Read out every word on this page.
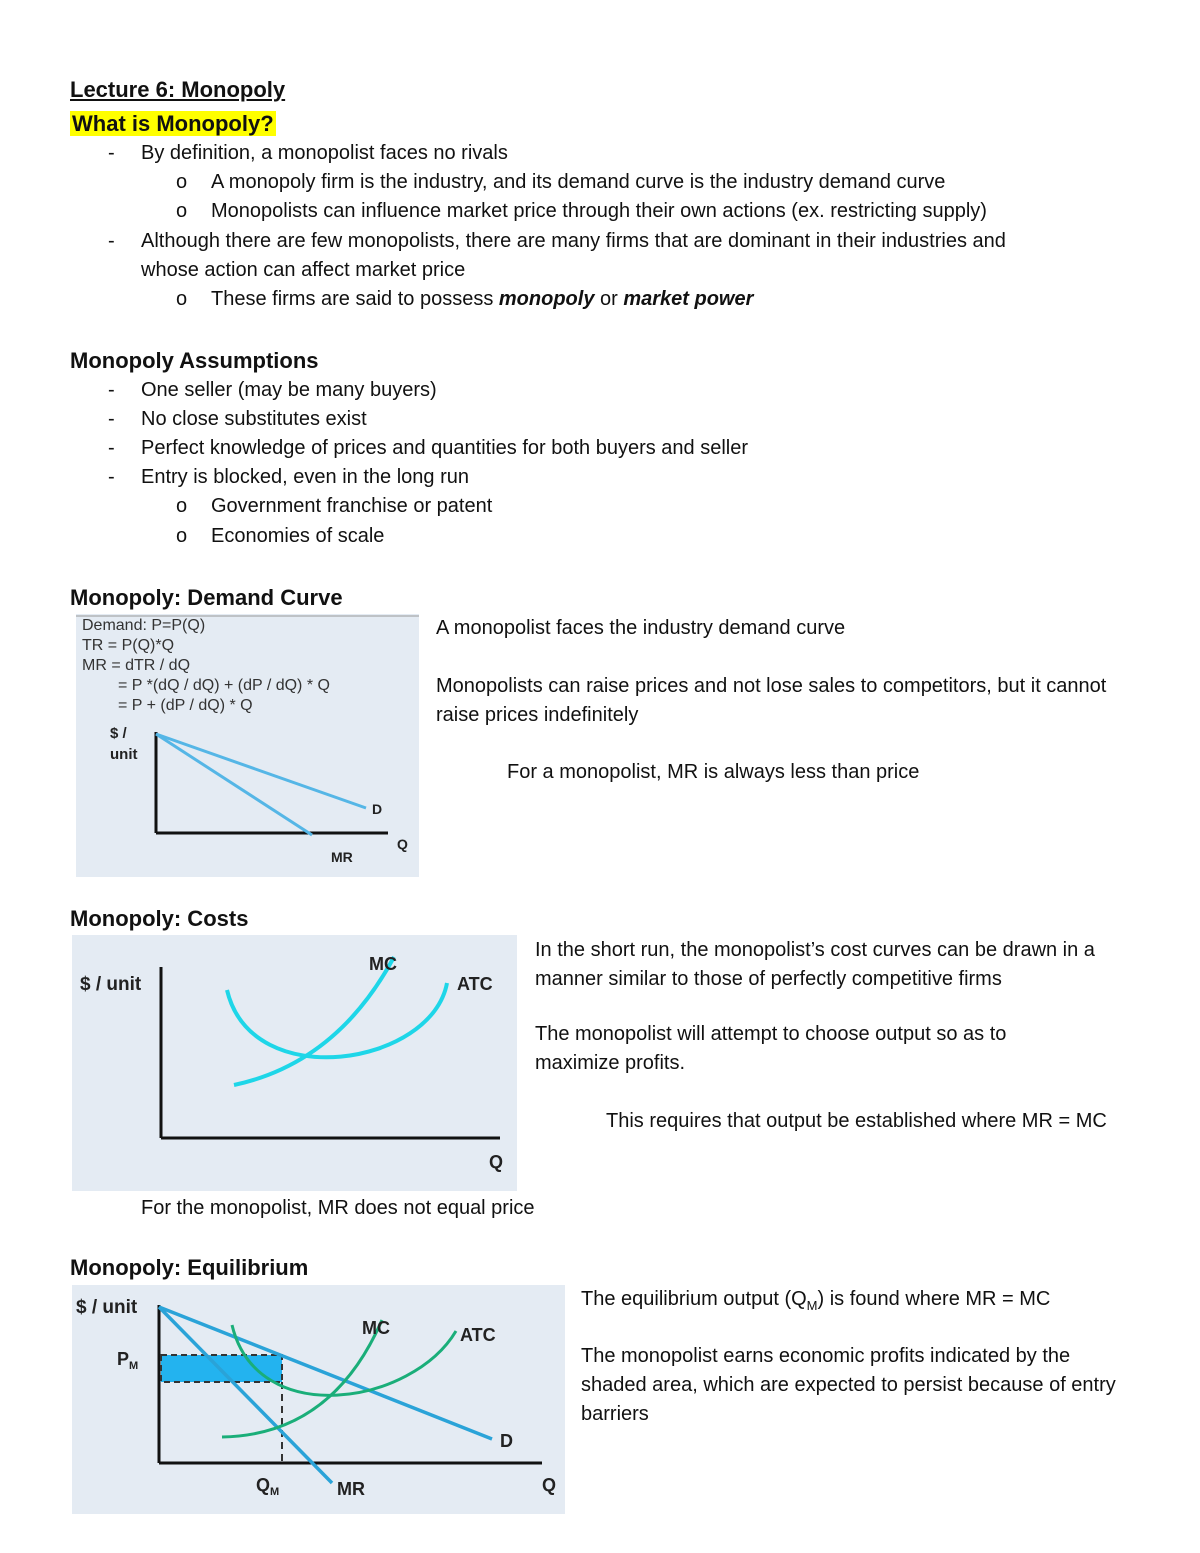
Lecture 6: Monopoly
What is Monopoly?
- By definition, a monopolist faces no rivals
o A monopoly firm is the industry, and its demand curve is the industry demand curve
o Monopolists can influence market price through their own actions (ex. restricting supply)
- Although there are few monopolists, there are many firms that are dominant in their industries and
whose action can affect market price
o These firms are said to possess monopoly or market power
Monopoly Assumptions
- One seller (may be many buyers)
- No close substitutes exist
- Perfect knowledge of prices and quantities for both buyers and seller
- Entry is blocked, even in the long run
o Government franchise or patent
o Economies of scale
Monopoly: Demand Curve
Demand: P=P(Q)
TR = P(Q)*Q
MR = dTR / dQ
= P *(dQ / dQ) + (dP / dQ) * Q
= P + (dP / dQ) * Q
$ /
unit
D
Q
MR
A monopolist faces the industry demand curve
Monopolists can raise prices and not lose sales to competitors, but it cannot raise prices indefinitely
For a monopolist, MR is always less than price
Monopoly: Costs
$ / unit
MC
ATC
Q
In the short run, the monopolist’s cost curves can be drawn in a manner similar to those of perfectly competitive firms
The monopolist will attempt to choose output so as to maximize profits.
This requires that output be established where MR = MC
For the monopolist, MR does not equal price
Monopoly: Equilibrium
$ / unit
$P_M$
$Q_M$
MC	ATC
D
MR	Q
The equilibrium output $(Q_M)$ is found where MR = MC
The monopolist earns economic profits indicated by the shaded area, which are expected to persist because of entry barriers
